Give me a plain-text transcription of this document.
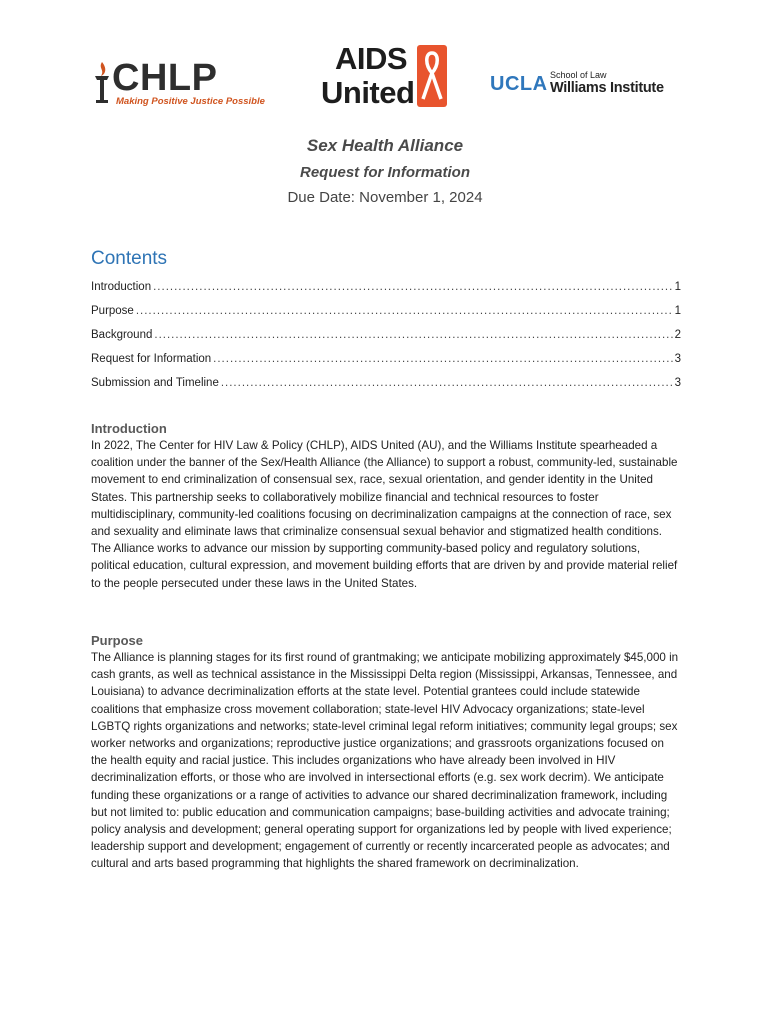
CHLP
Making Positive Justice Possible
AIDS
United	UCLA School of Law
Williams Institute
Sex Health Alliance
Request for Information
Due Date: November 1, 2024
Contents
Introduction .....	1
Purpose .....	1
Background .....	2
Request for Information .....	3
Submission and Timeline .....	3
Introduction

In 2022, The Center for HIV Law & Policy (CHLP), AIDS United (AU), and the Williams Institute spearheaded a coalition under the banner of the Sex/Health Alliance (the Alliance) to support a robust, community-led, sustainable movement to end criminalization of consensual sex, race, sexual orientation, and gender identity in the United States. This partnership seeks to collaboratively mobilize financial and technical resources to foster multidisciplinary, community-led coalitions focusing on decriminalization campaigns at the connection of race, sex and sexuality and eliminate laws that criminalize consensual sexual behavior and stigmatized health conditions. The Alliance works to advance our mission by supporting community-based policy and regulatory solutions, political education, cultural expression, and movement building efforts that are driven by and provide material relief to the people persecuted under these laws in the United States.

Purpose

The Alliance is planning stages for its first round of grantmaking; we anticipate mobilizing approximately $45,000 in cash grants, as well as technical assistance in the Mississippi Delta region (Mississippi, Arkansas, Tennessee, and Louisiana) to advance decriminalization efforts at the state level. Potential grantees could include statewide coalitions that emphasize cross movement collaboration; state-level HIV Advocacy organizations; state-level LGBTQ rights organizations and networks; state-level criminal legal reform initiatives; community legal groups; sex worker networks and organizations; reproductive justice organizations; and grassroots organizations focused on the health equity and racial justice. This includes organizations who have already been involved in HIV decriminalization efforts, or those who are involved in intersectional efforts (e.g. sex work decrim). We anticipate funding these organizations or a range of activities to advance our shared decriminalization framework, including but not limited to: public education and communication campaigns; base-building activities and advocate training; policy analysis and development; general operating support for organizations led by people with lived experience; leadership support and development; engagement of currently or recently incarcerated people as advocates; and cultural and arts based programming that highlights the shared framework on decriminalization.
